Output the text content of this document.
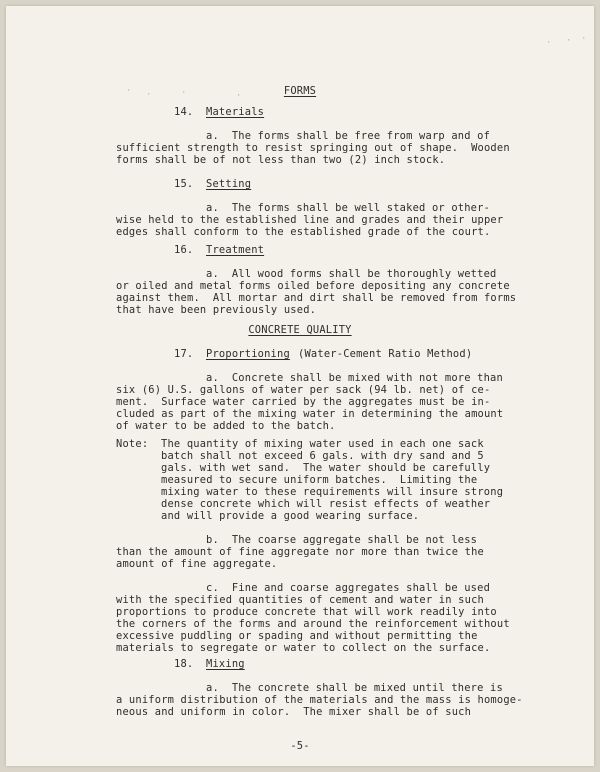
FORMS

14. Materials

a.  The forms shall be free from warp and of

sufficient strength to resist springing out of shape.  Wooden

forms shall be of not less than two (2) inch stock.

15. Setting

a.  The forms shall be well staked or other-

wise held to the established line and grades and their upper

edges shall conform to the established grade of the court.

16. Treatment

a.  All wood forms shall be thoroughly wetted

or oiled and metal forms oiled before depositing any concrete

against them.  All mortar and dirt shall be removed from forms

that have been previously used.

CONCRETE QUALITY

17. Proportioning (Water-Cement Ratio Method)

a.  Concrete shall be mixed with not more than

six (6) U.S. gallons of water per sack (94 lb. net) of ce-

ment.  Surface water carried by the aggregates must be in-

cluded as part of the mixing water in determining the amount

of water to be added to the batch.

Note: The quantity of mixing water used in each one sack

batch shall not exceed 6 gals. with dry sand and 5

gals. with wet sand.  The water should be carefully

measured to secure uniform batches.  Limiting the

mixing water to these requirements will insure strong

dense concrete which will resist effects of weather

and will provide a good wearing surface.

b.  The coarse aggregate shall be not less

than the amount of fine aggregate nor more than twice the

amount of fine aggregate.

c.  Fine and coarse aggregates shall be used

with the specified quantities of cement and water in such

proportions to produce concrete that will work readily into

the corners of the forms and around the reinforcement without

excessive puddling or spading and without permitting the

materials to segregate or water to collect on the surface.

18. Mixing

a.  The concrete shall be mixed until there is

a uniform distribution of the materials and the mass is homoge-

neous and uniform in color.  The mixer shall be of such

-5-

· ·	·	·
· · ·
